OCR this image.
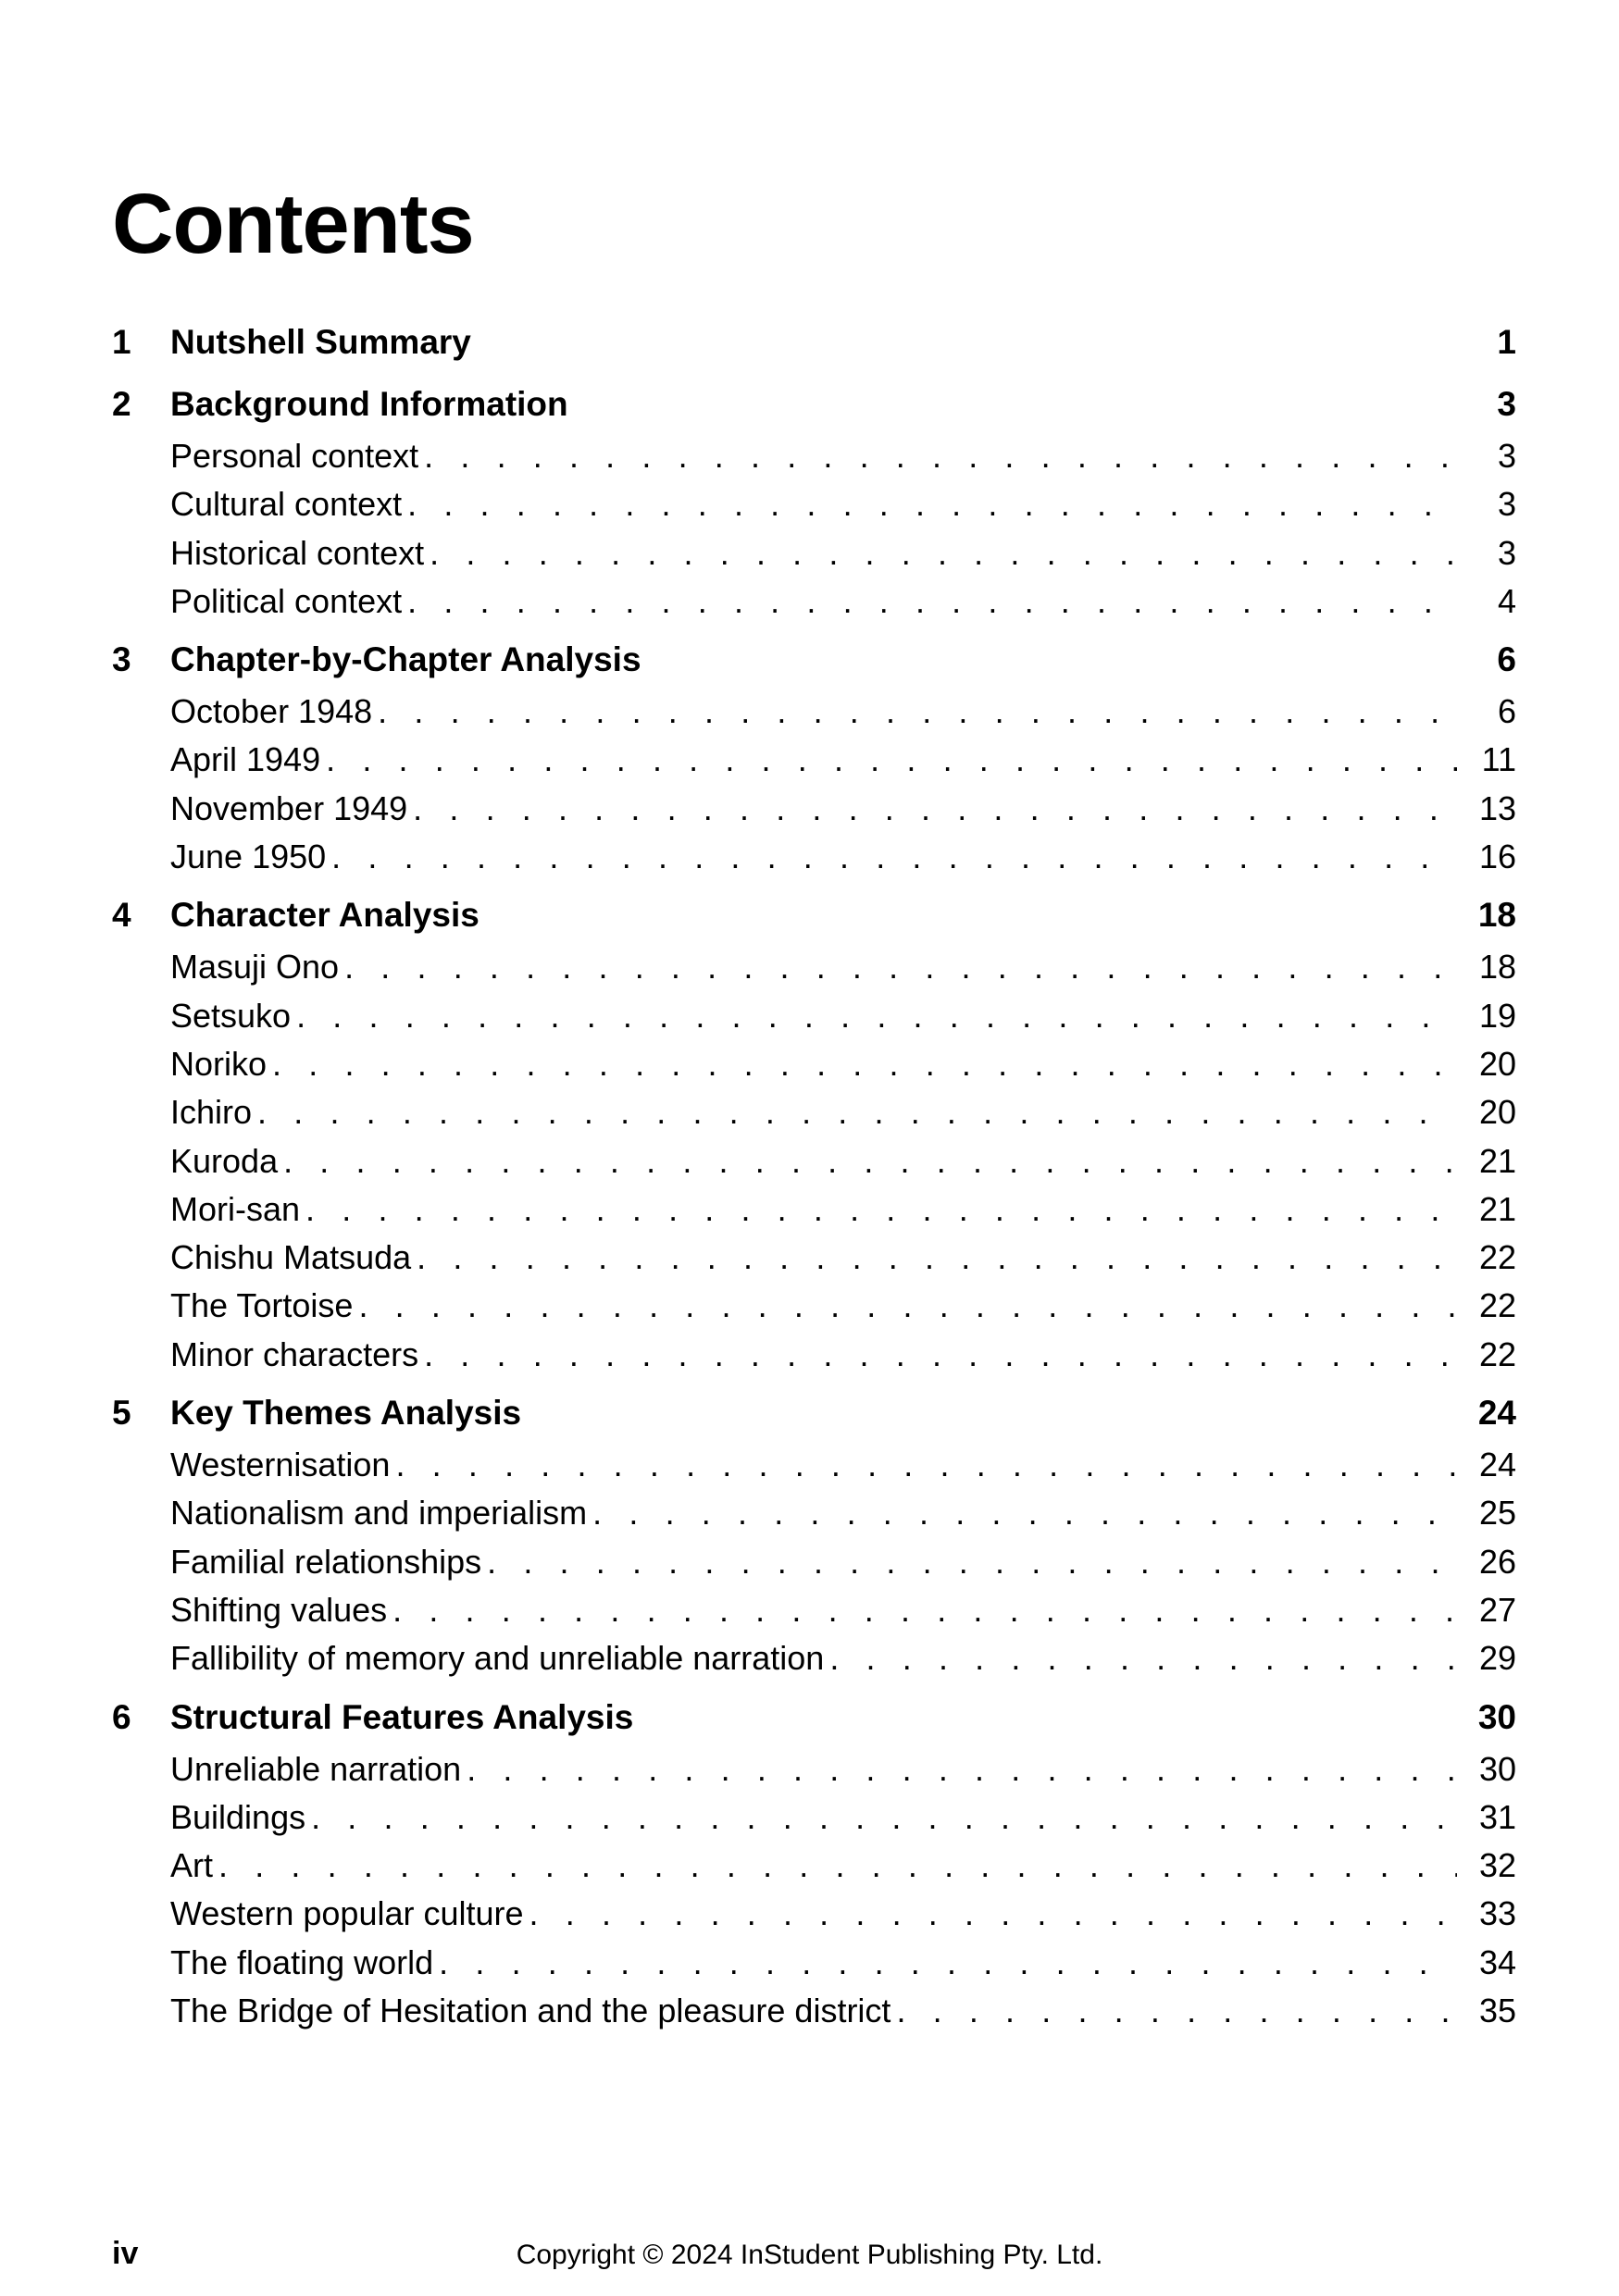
Contents
1	Nutshell Summary	1
2	Background Information	3
Personal context . . .	3
Cultural context . . .	3
Historical context . . .	3
Political context . . .	4
3	Chapter-by-Chapter Analysis	6
October 1948 . . .	6
April 1949 . . .	11
November 1949 . . .	13
June 1950 . . .	16
4	Character Analysis	18
Masuji Ono . . .	18
Setsuko . . .	19
Noriko . . .	20
Ichiro . . .	20
Kuroda . . .	21
Mori-san . . .	21
Chishu Matsuda . . .	22
The Tortoise . . .	22
Minor characters . . .	22
5	Key Themes Analysis	24
Westernisation . . .	24
Nationalism and imperialism . . .	25
Familial relationships . . .	26
Shifting values . . .	27
Fallibility of memory and unreliable narration . . .	29
6	Structural Features Analysis	30
Unreliable narration . . .	30
Buildings . . .	31
Art . . .	32
Western popular culture . . .	33
The floating world . . .	34
The Bridge of Hesitation and the pleasure district . . .	35
iv	Copyright © 2024 InStudent Publishing Pty. Ltd.
